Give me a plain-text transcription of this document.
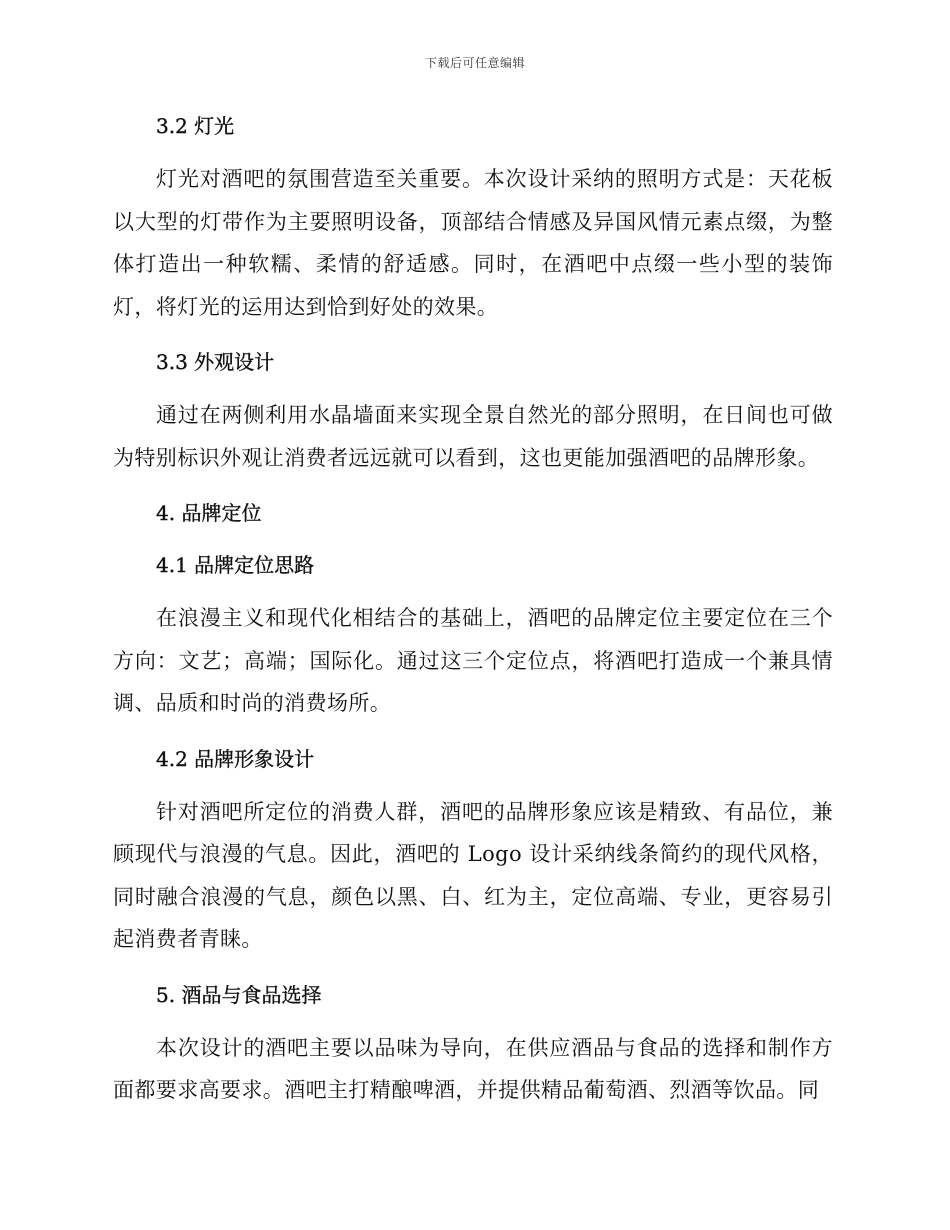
下载后可任意编辑
3.2 灯光

灯光对酒吧的氛围营造至关重要。本次设计采纳的照明方式是：天花板以大型的灯带作为主要照明设备，顶部结合情感及异国风情元素点缀，为整体打造出一种软糯、柔情的舒适感。同时，在酒吧中点缀一些小型的装饰灯，将灯光的运用达到恰到好处的效果。

3.3 外观设计

通过在两侧利用水晶墙面来实现全景自然光的部分照明，在日间也可做为特别标识外观让消费者远远就可以看到，这也更能加强酒吧的品牌形象。

4. 品牌定位
4.1 品牌定位思路

在浪漫主义和现代化相结合的基础上，酒吧的品牌定位主要定位在三个方向：文艺；高端；国际化。通过这三个定位点，将酒吧打造成一个兼具情调、品质和时尚的消费场所。

4.2 品牌形象设计

针对酒吧所定位的消费人群，酒吧的品牌形象应该是精致、有品位，兼顾现代与浪漫的气息。因此，酒吧的 Logo 设计采纳线条简约的现代风格，同时融合浪漫的气息，颜色以黑、白、红为主，定位高端、专业，更容易引起消费者青睐。

5. 酒品与食品选择

本次设计的酒吧主要以品味为导向，在供应酒品与食品的选择和制作方面都要求高要求。酒吧主打精酿啤酒，并提供精品葡萄酒、烈酒等饮品。同
